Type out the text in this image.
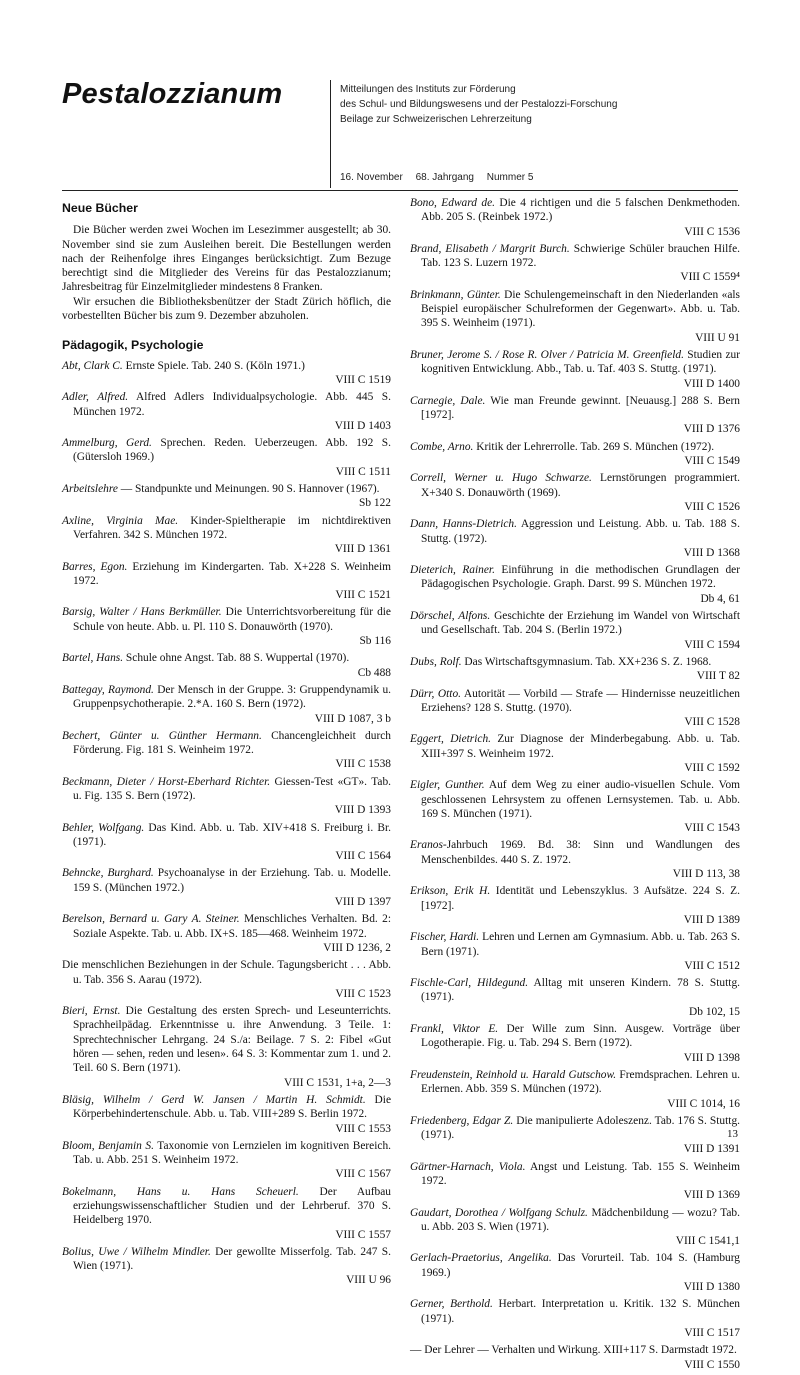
Pestalozzianum	Mitteilungen des Instituts zur Förderung
des Schul- und Bildungswesens und der Pestalozzi-Forschung
Beilage zur Schweizerischen Lehrerzeitung
16. November 68. Jahrgang Nummer 5
Neue Bücher

Die Bücher werden zwei Wochen im Lesezimmer ausgestellt; ab 30. November sind sie zum Ausleihen bereit. Die Bestellungen werden nach der Reihenfolge ihres Einganges berücksichtigt. Zum Bezuge berechtigt sind die Mitglieder des Vereins für das Pestalozzianum; Jahresbeitrag für Einzelmitglieder mindestens 8 Franken.

Wir ersuchen die Bibliotheksbenützer der Stadt Zürich höflich, die vorbestellten Bücher bis zum 9. Dezember abzuholen.

Pädagogik, Psychologie
Abt, Clark C. Ernste Spiele. Tab. 240 S. (Köln 1971.)
VIII C 1519
Adler, Alfred. Alfred Adlers Individualpsychologie. Abb. 445 S. München 1972.
VIII D 1403
Ammelburg, Gerd. Sprechen. Reden. Ueberzeugen. Abb. 192 S. (Gütersloh 1969.)
VIII C 1511
Arbeitslehre — Standpunkte und Meinungen. 90 S. Hannover (1967).
Sb 122
Axline, Virginia Mae. Kinder-Spieltherapie im nichtdirektiven Verfahren. 342 S. München 1972.
VIII D 1361
Barres, Egon. Erziehung im Kindergarten. Tab. X+228 S. Weinheim 1972.
VIII C 1521
Barsig, Walter / Hans Berkmüller. Die Unterrichtsvorbereitung für die Schule von heute. Abb. u. Pl. 110 S. Donauwörth (1970).
Sb 116
Bartel, Hans. Schule ohne Angst. Tab. 88 S. Wuppertal (1970).
Cb 488
Battegay, Raymond. Der Mensch in der Gruppe. 3: Gruppendynamik u. Gruppenpsychotherapie. 2.*A. 160 S. Bern (1972).
VIII D 1087, 3 b
Bechert, Günter u. Günther Hermann. Chancengleichheit durch Förderung. Fig. 181 S. Weinheim 1972.
VIII C 1538
Beckmann, Dieter / Horst-Eberhard Richter. Giessen-Test «GT». Tab. u. Fig. 135 S. Bern (1972).
VIII D 1393
Behler, Wolfgang. Das Kind. Abb. u. Tab. XIV+418 S. Freiburg i. Br. (1971).
VIII C 1564
Behncke, Burghard. Psychoanalyse in der Erziehung. Tab. u. Modelle. 159 S. (München 1972.)
VIII D 1397
Berelson, Bernard u. Gary A. Steiner. Menschliches Verhalten. Bd. 2: Soziale Aspekte. Tab. u. Abb. IX+S. 185—468. Weinheim 1972.
VIII D 1236, 2
Die menschlichen Beziehungen in der Schule. Tagungsbericht . . . Abb. u. Tab. 356 S. Aarau (1972).
VIII C 1523
Bieri, Ernst. Die Gestaltung des ersten Sprech- und Leseunterrichts. Sprachheilpädag. Erkenntnisse u. ihre Anwendung. 3 Teile. 1: Sprechtechnischer Lehrgang. 24 S./a: Beilage. 7 S. 2: Fibel «Gut hören — sehen, reden und lesen». 64 S. 3: Kommentar zum 1. und 2. Teil. 60 S. Bern (1971).
VIII C 1531, 1+a, 2—3
Bläsig, Wilhelm / Gerd W. Jansen / Martin H. Schmidt. Die Körperbehindertenschule. Abb. u. Tab. VIII+289 S. Berlin 1972.
VIII C 1553
Bloom, Benjamin S. Taxonomie von Lernzielen im kognitiven Bereich. Tab. u. Abb. 251 S. Weinheim 1972.
VIII C 1567
Bokelmann, Hans u. Hans Scheuerl. Der Aufbau erziehungswissenschaftlicher Studien und der Lehrberuf. 370 S. Heidelberg 1970.
VIII C 1557
Bolius, Uwe / Wilhelm Mindler. Der gewollte Misserfolg. Tab. 247 S. Wien (1971).
VIII U 96
Bono, Edward de. Die 4 richtigen und die 5 falschen Denkmethoden. Abb. 205 S. (Reinbek 1972.)
VIII C 1536
Brand, Elisabeth / Margrit Burch. Schwierige Schüler brauchen Hilfe. Tab. 123 S. Luzern 1972.
VIII C 1559⁴
Brinkmann, Günter. Die Schulengemeinschaft in den Niederlanden «als Beispiel europäischer Schulreformen der Gegenwart». Abb. u. Tab. 395 S. Weinheim (1971).
VIII U 91
Bruner, Jerome S. / Rose R. Olver / Patricia M. Greenfield. Studien zur kognitiven Entwicklung. Abb., Tab. u. Taf. 403 S. Stuttg. (1971).
VIII D 1400
Carnegie, Dale. Wie man Freunde gewinnt. [Neuausg.] 288 S. Bern [1972].
VIII D 1376
Combe, Arno. Kritik der Lehrerrolle. Tab. 269 S. München (1972).
VIII C 1549
Correll, Werner u. Hugo Schwarze. Lernstörungen programmiert. X+340 S. Donauwörth (1969).
VIII C 1526
Dann, Hanns-Dietrich. Aggression und Leistung. Abb. u. Tab. 188 S. Stuttg. (1972).
VIII D 1368
Dieterich, Rainer. Einführung in die methodischen Grundlagen der Pädagogischen Psychologie. Graph. Darst. 99 S. München 1972.
Db 4, 61
Dörschel, Alfons. Geschichte der Erziehung im Wandel von Wirtschaft und Gesellschaft. Tab. 204 S. (Berlin 1972.)
VIII C 1594
Dubs, Rolf. Das Wirtschaftsgymnasium. Tab. XX+236 S. Z. 1968.
VIII T 82
Dürr, Otto. Autorität — Vorbild — Strafe — Hindernisse neuzeitlichen Erziehens? 128 S. Stuttg. (1970).
VIII C 1528
Eggert, Dietrich. Zur Diagnose der Minderbegabung. Abb. u. Tab. XIII+397 S. Weinheim 1972.
VIII C 1592
Eigler, Gunther. Auf dem Weg zu einer audio-visuellen Schule. Vom geschlossenen Lehrsystem zu offenen Lernsystemen. Tab. u. Abb. 169 S. München (1971).
VIII C 1543
Eranos-Jahrbuch 1969. Bd. 38: Sinn und Wandlungen des Menschenbildes. 440 S. Z. 1972.
VIII D 113, 38
Erikson, Erik H. Identität und Lebenszyklus. 3 Aufsätze. 224 S. Z. [1972].
VIII D 1389
Fischer, Hardi. Lehren und Lernen am Gymnasium. Abb. u. Tab. 263 S. Bern (1971).
VIII C 1512
Fischle-Carl, Hildegund. Alltag mit unseren Kindern. 78 S. Stuttg. (1971).
Db 102, 15
Frankl, Viktor E. Der Wille zum Sinn. Ausgew. Vorträge über Logotherapie. Fig. u. Tab. 294 S. Bern (1972).
VIII D 1398
Freudenstein, Reinhold u. Harald Gutschow. Fremdsprachen. Lehren u. Erlernen. Abb. 359 S. München (1972).
VIII C 1014, 16
Friedenberg, Edgar Z. Die manipulierte Adoleszenz. Tab. 176 S. Stuttg. (1971).
VIII D 1391
Gärtner-Harnach, Viola. Angst und Leistung. Tab. 155 S. Weinheim 1972.
VIII D 1369
Gaudart, Dorothea / Wolfgang Schulz. Mädchenbildung — wozu? Tab. u. Abb. 203 S. Wien (1971).
VIII C 1541,1
Gerlach-Praetorius, Angelika. Das Vorurteil. Tab. 104 S. (Hamburg 1969.)
VIII D 1380
Gerner, Berthold. Herbart. Interpretation u. Kritik. 132 S. München (1971).
VIII C 1517
— Der Lehrer — Verhalten und Wirkung. XIII+117 S. Darmstadt 1972.
VIII C 1550
13
